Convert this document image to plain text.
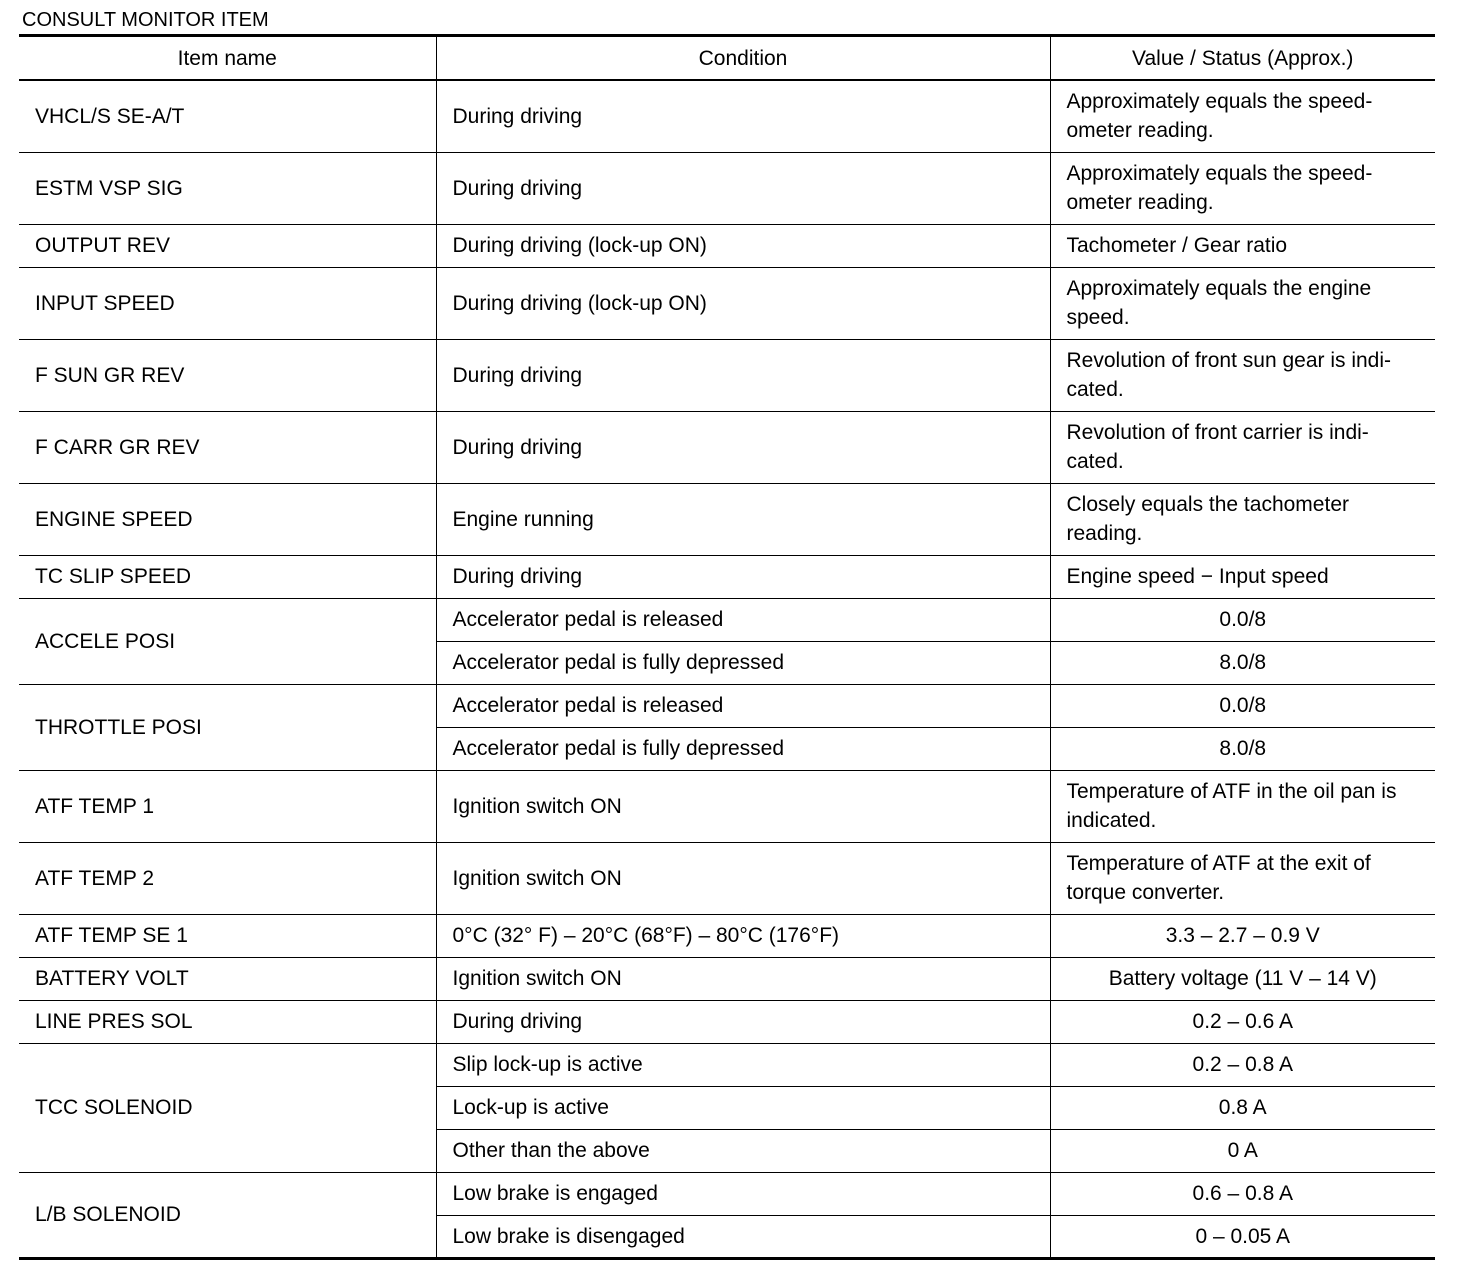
CONSULT MONITOR ITEM
Item name	Condition	Value / Status (Approx.)
VHCL/S SE-A/T	During driving	Approximately equals the speed-ometer reading.
ESTM VSP SIG	During driving	Approximately equals the speed-ometer reading.
OUTPUT REV	During driving (lock-up ON)	Tachometer / Gear ratio
INPUT SPEED	During driving (lock-up ON)	Approximately equals the engine speed.
F SUN GR REV	During driving	Revolution of front sun gear is indi-cated.
F CARR GR REV	During driving	Revolution of front carrier is indi-cated.
ENGINE SPEED	Engine running	Closely equals the tachometer reading.
TC SLIP SPEED	During driving	Engine speed − Input speed
ACCELE POSI	Accelerator pedal is released	0.0/8
	Accelerator pedal is fully depressed	8.0/8
THROTTLE POSI	Accelerator pedal is released	0.0/8
	Accelerator pedal is fully depressed	8.0/8
ATF TEMP 1	Ignition switch ON	Temperature of ATF in the oil pan is indicated.
ATF TEMP 2	Ignition switch ON	Temperature of ATF at the exit of torque converter.
ATF TEMP SE 1	0°C (32° F) – 20°C (68°F) – 80°C (176°F)	3.3 – 2.7 – 0.9 V
BATTERY VOLT	Ignition switch ON	Battery voltage (11 V – 14 V)
LINE PRES SOL	During driving	0.2 – 0.6 A
TCC SOLENOID	Slip lock-up is active	0.2 – 0.8 A
	Lock-up is active	0.8 A
	Other than the above	0 A
L/B SOLENOID	Low brake is engaged	0.6 – 0.8 A
	Low brake is disengaged	0 – 0.05 A
